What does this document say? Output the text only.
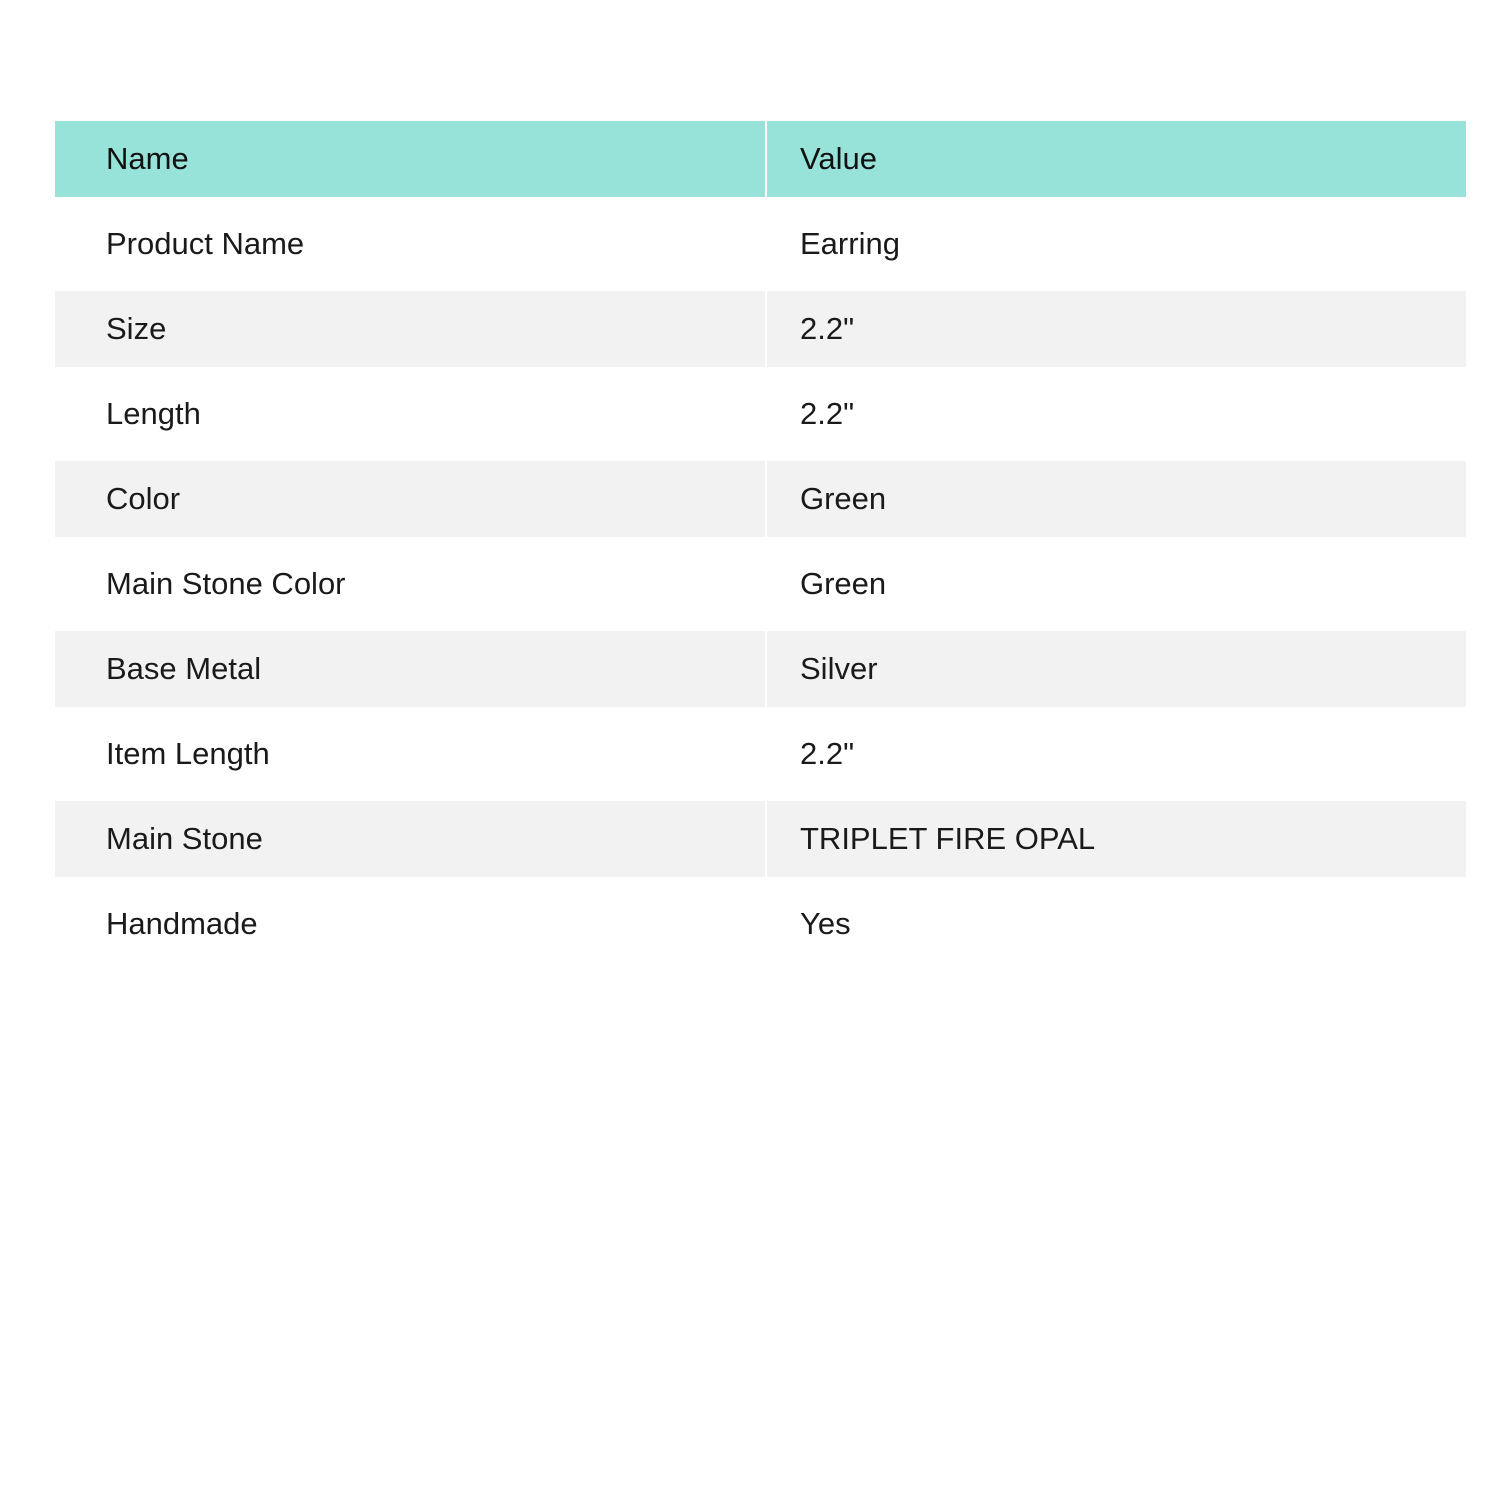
Name	Value
Product Name	Earring
Size	2.2"
Length	2.2"
Color	Green
Main Stone Color	Green
Base Metal	Silver
Item Length	2.2"
Main Stone	TRIPLET FIRE OPAL
Handmade	Yes
